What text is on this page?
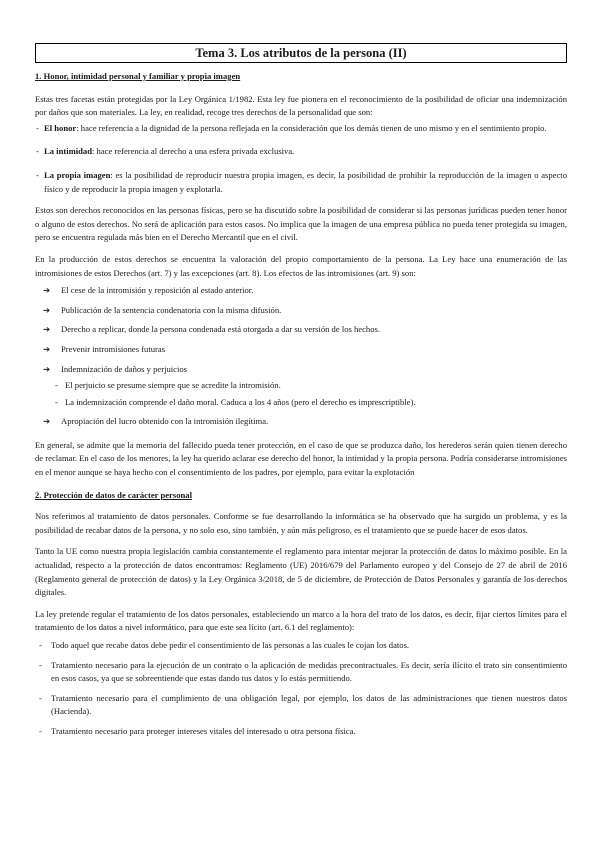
Tema 3. Los atributos de la persona (II)

1. Honor, intimidad personal y familiar y propia imagen

Estas tres facetas están protegidas por la Ley Orgánica 1/1982. Esta ley fue pionera en el reconocimiento de la posibilidad de oficiar una indemnización por daños que son materiales. La ley, en realidad, recoge tres derechos de la personalidad que son:

- El honor: hace referencia a la dignidad de la persona reflejada en la consideración que los demás tienen de uno mismo y en el sentimiento propio.
- La intimidad: hace referencia al derecho a una esfera privada exclusiva.
- La propia imagen: es la posibilidad de reproducir nuestra propia imagen, es decir, la posibilidad de prohibir la reproducción de la imagen o aspecto físico y de reproducir la propia imagen y explotarla.

Estos son derechos reconocidos en las personas físicas, pero se ha discutido sobre la posibilidad de considerar si las personas jurídicas pueden tener honor o alguno de estos derechos. No será de aplicación para estos casos. No implica que la imagen de una empresa pública no pueda tener protegida su imagen, pero se encuentra regulada más bien en el Derecho Mercantil que en el civil.

En la producción de estos derechos se encuentra la valoración del propio comportamiento de la persona. La Ley hace una enumeración de las intromisiones de estos Derechos (art. 7) y las excepciones (art. 8). Los efectos de las intromisiones (art. 9) son:

➔	El cese de la intromisión y reposición al estado anterior.
➔	Publicación de la sentencia condenatoria con la misma difusión.
➔	Derecho a replicar, donde la persona condenada está otorgada a dar su versión de los hechos.
➔	Prevenir intromisiones futuras
➔	Indemnización de daños y perjuicios
- El perjuicio se presume siempre que se acredite la intromisión.
- La indemnización comprende el daño moral. Caduca a los 4 años (pero el derecho es imprescriptible).
➔	Apropiación del lucro obtenido con la intromisión ilegítima.

En general, se admite que la memoria del fallecido pueda tener protección, en el caso de que se produzca daño, los herederos serán quien tienen derecho de reclamar. En el caso de los menores, la ley ha querido aclarar ese derecho del honor, la intimidad y la propia persona. Podría considerarse intromisiones en el menor aunque se haya hecho con el consentimiento de los padres, por ejemplo, para evitar la explotación

2. Protección de datos de carácter personal

Nos referimos al tratamiento de datos personales. Conforme se fue desarrollando la informática se ha observado que ha surgido un problema, y es la posibilidad de recabar datos de la persona, y no solo eso, sino también, y aún más peligroso, es el tratamiento que se puede hacer de esos datos.

Tanto la UE como nuestra propia legislación cambia constantemente el reglamento para intentar mejorar la protección de datos lo máximo posible. En la actualidad, respecto a la protección de datos encontramos: Reglamento (UE) 2016/679 del Parlamento europeo y del Consejo de 27 de abril de 2016 (Reglamento general de protección de datos) y la Ley Orgánica 3/2018, de 5 de diciembre, de Protección de Datos Personales y garantía de los derechos digitales.

La ley pretende regular el tratamiento de los datos personales, estableciendo un marco a la hora del trato de los datos, es decir, fijar ciertos límites para el tratamiento de los datos a nivel informático, para que este sea lícito (art. 6.1 del reglamento):

-	Todo aquel que recabe datos debe pedir el consentimiento de las personas a las cuales le cojan los datos.
-	Tratamiento necesario para la ejecución de un contrato o la aplicación de medidas precontractuales. Es decir, sería ilícito el trato sin consentimiento en esos casos, ya que se sobreentiende que estas dando tus datos y lo estás permitiendo.
-	Tratamiento necesario para el cumplimiento de una obligación legal, por ejemplo, los datos de las administraciones que tienen nuestros datos (Hacienda).
-	Tratamiento necesario para proteger intereses vitales del interesado u otra persona física.
